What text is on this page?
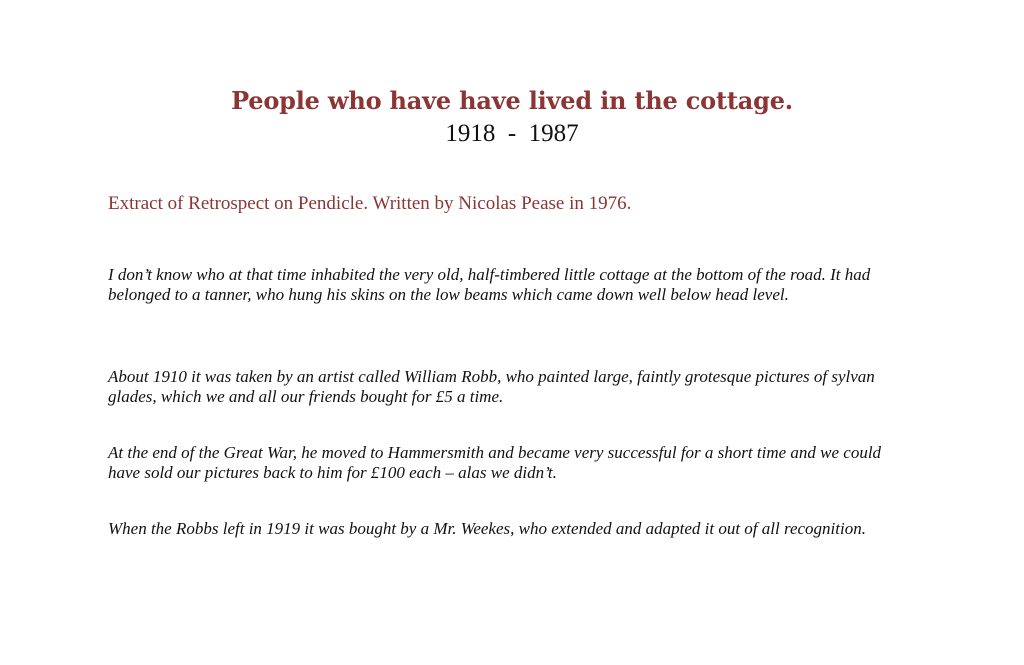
People who have have lived in the cottage.
1918  -  1987

Extract of Retrospect on Pendicle. Written by Nicolas Pease in 1976.

I don’t know who at that time inhabited the very old, half-timbered little cottage at the bottom of the road. It had belonged to a tanner, who hung his skins on the low beams which came down well below head level.

About 1910 it was taken by an artist called William Robb, who painted large, faintly grotesque pictures of sylvan glades, which we and all our friends bought for £5 a time.

At the end of the Great War, he moved to Hammersmith and became very successful for a short time and we could have sold our pictures back to him for £100 each – alas we didn’t.

When the Robbs left in 1919 it was bought by a Mr. Weekes, who extended and adapted it out of all recognition.
